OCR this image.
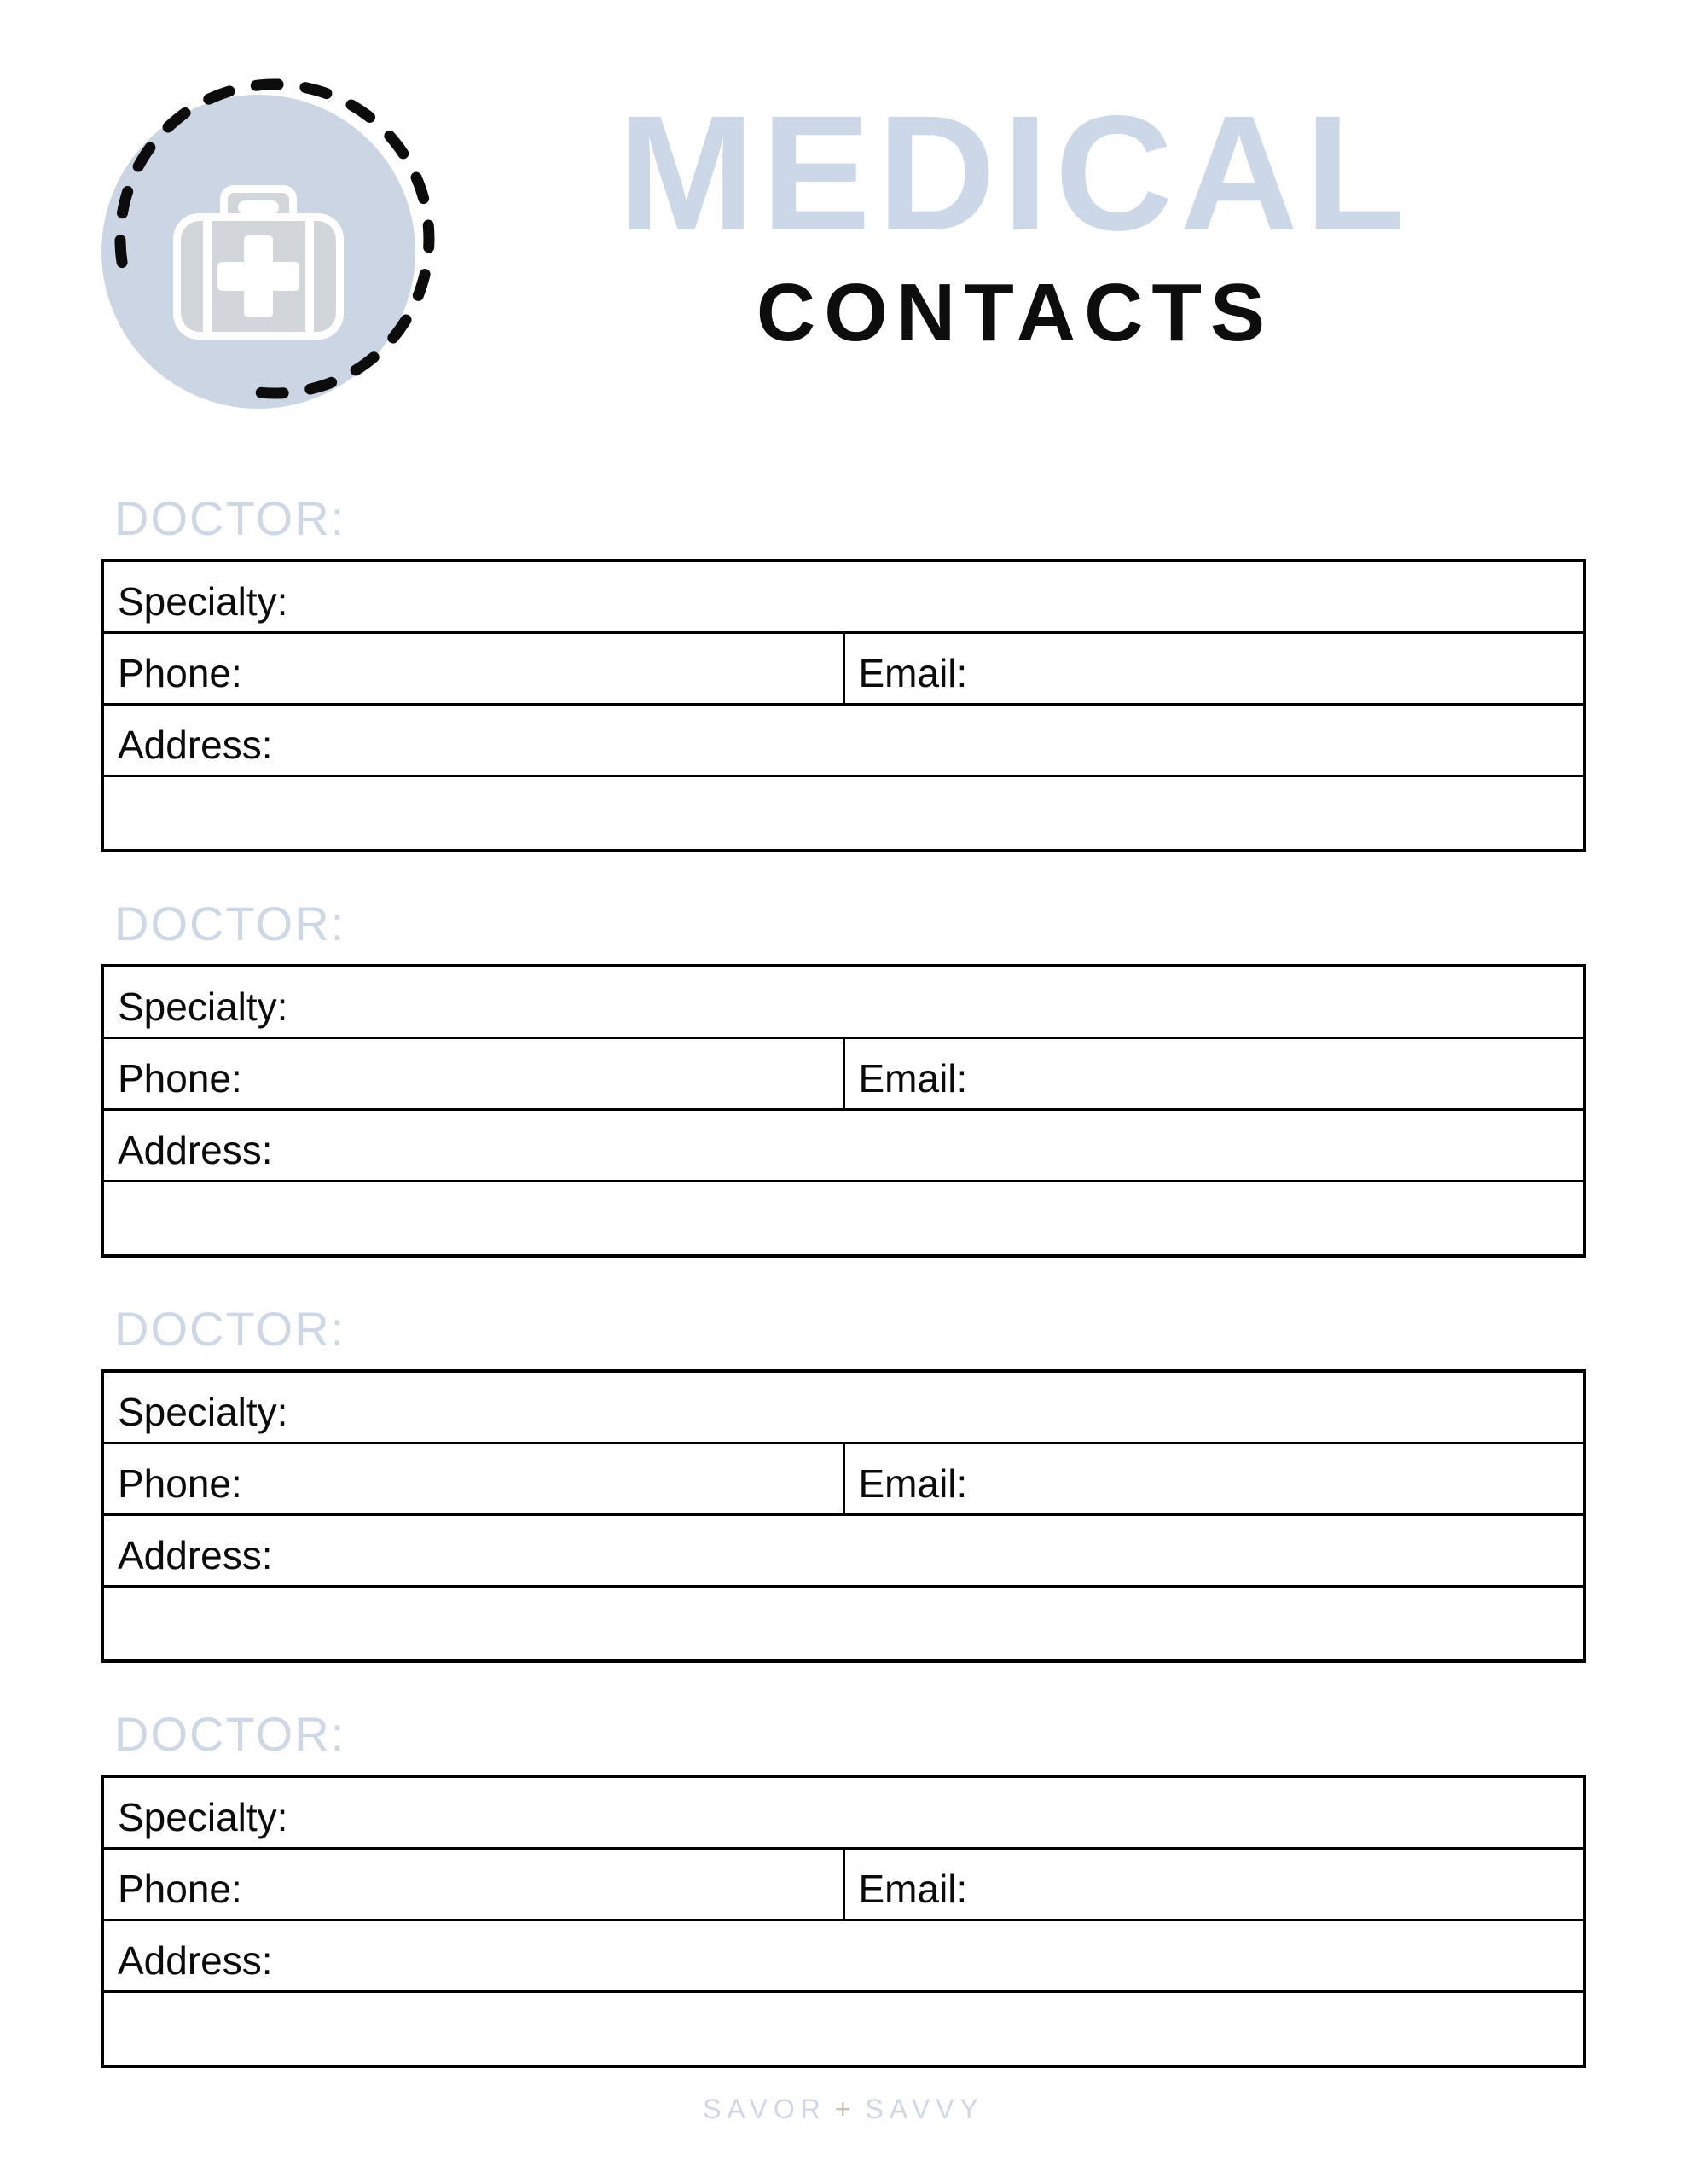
MEDICAL
CONTACTS
DOCTOR:
Specialty:
Phone:	Email:
Address:

DOCTOR:
Specialty:
Phone:	Email:
Address:

DOCTOR:
Specialty:
Phone:	Email:
Address:

DOCTOR:
Specialty:
Phone:	Email:
Address:

SAVOR + SAVVY
